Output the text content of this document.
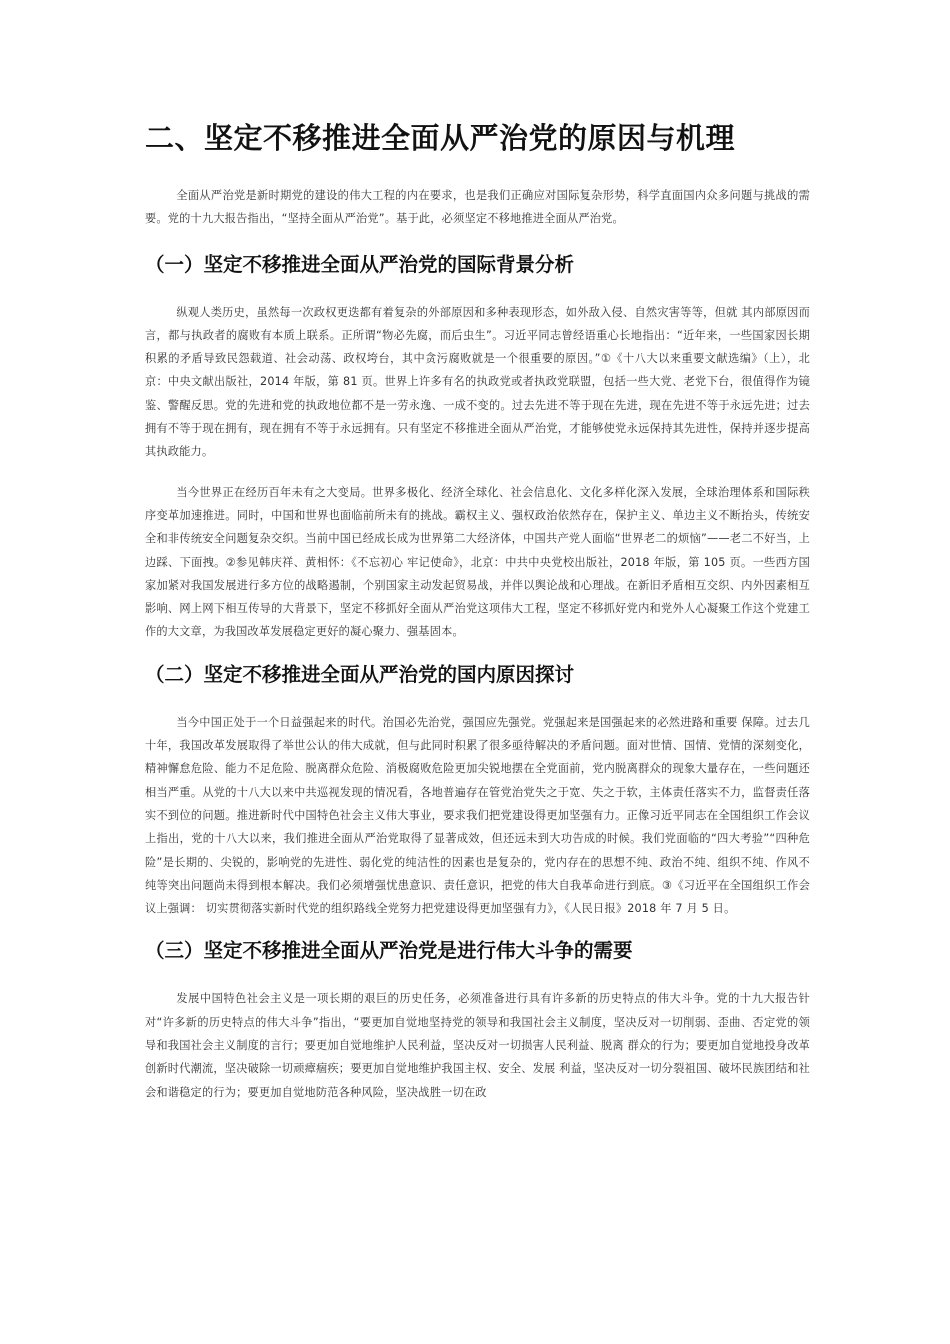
二、坚定不移推进全面从严治党的原因与机理

全面从严治党是新时期党的建设的伟大工程的内在要求，也是我们正确应对国际复杂形势，科学直面国内众多问题与挑战的需要。党的十九大报告指出，“坚持全面从严治党”。基于此，必须坚定不移地推进全面从严治党。

（一）坚定不移推进全面从严治党的国际背景分析

纵观人类历史，虽然每一次政权更迭都有着复杂的外部原因和多种表现形态，如外敌入侵、自然灾害等等，但就 其内部原因而言，都与执政者的腐败有本质上联系。正所谓“物必先腐，而后虫生”。习近平同志曾经语重心长地指出：“近年来，一些国家因长期积累的矛盾导致民怨载道、社会动荡、政权垮台，其中贪污腐败就是一个很重要的原因。”①《十八大以来重要文献选编》（上），北京：中央文献出版社，2014 年版，第 81 页。世界上许多有名的执政党或者执政党联盟，包括一些大党、老党下台，很值得作为镜鉴、警醒反思。党的先进和党的执政地位都不是一劳永逸、一成不变的。过去先进不等于现在先进，现在先进不等于永远先进；过去拥有不等于现在拥有，现在拥有不等于永远拥有。只有坚定不移推进全面从严治党，才能够使党永远保持其先进性，保持并逐步提高其执政能力。

当今世界正在经历百年未有之大变局。世界多极化、经济全球化、社会信息化、文化多样化深入发展，全球治理体系和国际秩序变革加速推进。同时，中国和世界也面临前所未有的挑战。霸权主义、强权政治依然存在，保护主义、单边主义不断抬头，传统安全和非传统安全问题复杂交织。当前中国已经成长成为世界第二大经济体，中国共产党人面临“世界老二的烦恼”——老二不好当，上边踩、下面拽。②参见韩庆祥、黄相怀：《不忘初心 牢记使命》，北京：中共中央党校出版社，2018 年版，第 105 页。一些西方国家加紧对我国发展进行多方位的战略遏制，个别国家主动发起贸易战，并伴以舆论战和心理战。在新旧矛盾相互交织、内外因素相互影响、网上网下相互传导的大背景下，坚定不移抓好全面从严治党这项伟大工程，坚定不移抓好党内和党外人心凝聚工作这个党建工作的大文章，为我国改革发展稳定更好的凝心聚力、强基固本。

（二）坚定不移推进全面从严治党的国内原因探讨

当今中国正处于一个日益强起来的时代。治国必先治党，强国应先强党。党强起来是国强起来的必然进路和重要 保障。过去几十年，我国改革发展取得了举世公认的伟大成就，但与此同时积累了很多亟待解决的矛盾问题。面对世情、国情、党情的深刻变化，精神懈怠危险、能力不足危险、脱离群众危险、消极腐败危险更加尖锐地摆在全党面前，党内脱离群众的现象大量存在，一些问题还相当严重。从党的十八大以来中共巡视发现的情况看，各地普遍存在管党治党失之于宽、失之于软，主体责任落实不力，监督责任落实不到位的问题。推进新时代中国特色社会主义伟大事业，要求我们把党建设得更加坚强有力。正像习近平同志在全国组织工作会议上指出，党的十八大以来，我们推进全面从严治党取得了显著成效，但还远未到大功告成的时候。我们党面临的“四大考验”“四种危险”是长期的、尖锐的，影响党的先进性、弱化党的纯洁性的因素也是复杂的，党内存在的思想不纯、政治不纯、组织不纯、作风不纯等突出问题尚未得到根本解决。我们必须增强忧患意识、责任意识，把党的伟大自我革命进行到底。③《习近平在全国组织工作会议上强调： 切实贯彻落实新时代党的组织路线全党努力把党建设得更加坚强有力》，《人民日报》2018 年 7 月 5 日。

（三）坚定不移推进全面从严治党是进行伟大斗争的需要

发展中国特色社会主义是一项长期的艰巨的历史任务，必须准备进行具有许多新的历史特点的伟大斗争。党的十九大报告针对“许多新的历史特点的伟大斗争”指出，“要更加自觉地坚持党的领导和我国社会主义制度，坚决反对一切削弱、歪曲、否定党的领导和我国社会主义制度的言行；要更加自觉地维护人民利益，坚决反对一切损害人民利益、脱离 群众的行为；要更加自觉地投身改革创新时代潮流，坚决破除一切顽瘴痼疾；要更加自觉地维护我国主权、安全、发展 利益，坚决反对一切分裂祖国、破坏民族团结和社会和谐稳定的行为；要更加自觉地防范各种风险，坚决战胜一切在政
